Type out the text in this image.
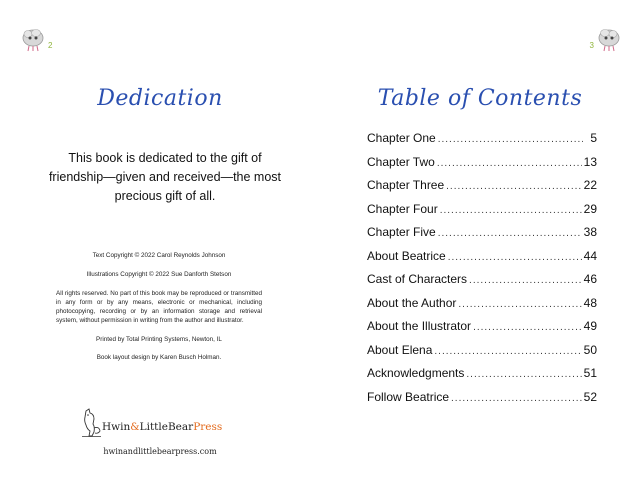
2
Dedication
This book is dedicated to the gift of
friendship—given and received—the most
precious gift of all.
Text Copyright © 2022 Carol Reynolds Johnson
Illustrations Copyright © 2022 Sue Danforth Stetson
All rights reserved. No part of this book may be reproduced or transmitted in any form or by any means, electronic or mechanical, including photocopying, recording or by an information storage and retrieval system, without permission in writing from the author and illustrator.
Printed by Total Printing Systems, Newton, IL
Book layout design by Karen Busch Holman.
Hwin&LittleBearPress
hwinandlittlebearpress.com
3
Table of Contents
Chapter One .....	5
Chapter Two .....	13
Chapter Three .....	22
Chapter Four .....	29
Chapter Five .....	38
About Beatrice .....	44
Cast of Characters .....	46
About the Author .....	48
About the Illustrator .....	49
About Elena .....	50
Acknowledgments .....	51
Follow Beatrice .....	52
